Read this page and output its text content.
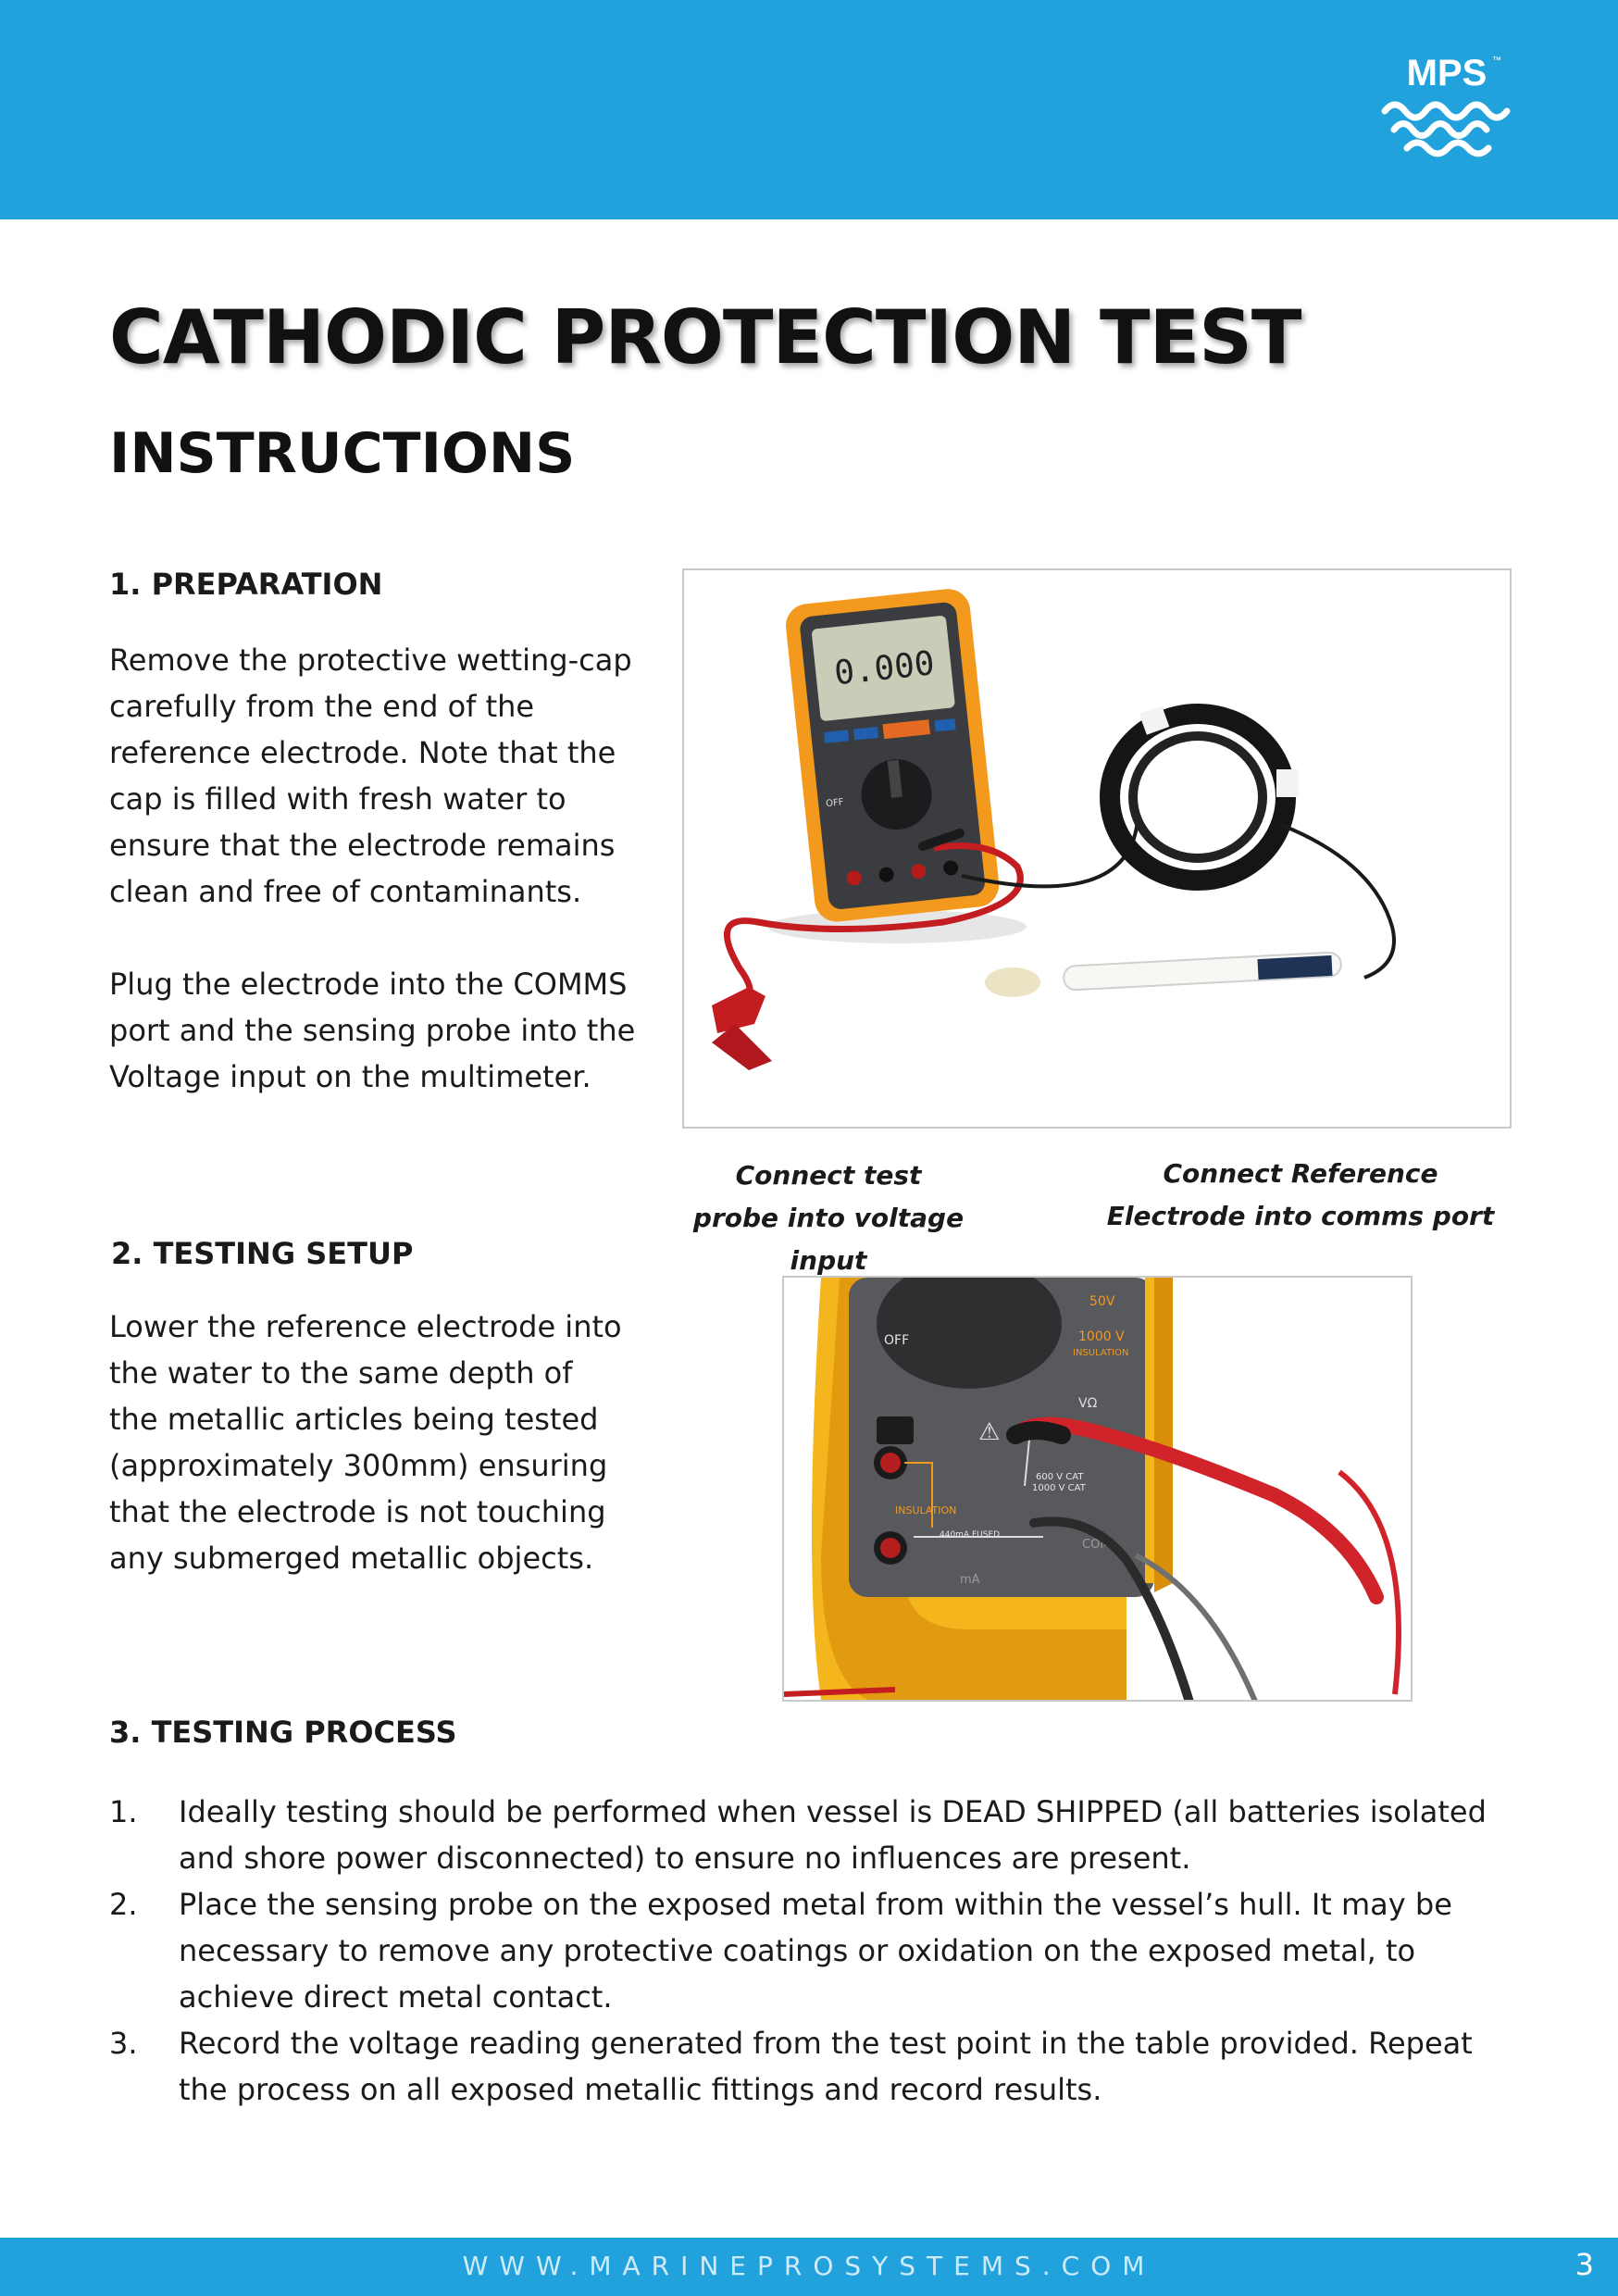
MPS ™
CATHODIC PROTECTION TEST
INSTRUCTIONS
1. PREPARATION

Remove the protective wetting-cap carefully from the end of the reference electrode. Note that the cap is filled with fresh water to ensure that the electrode remains clean and free of contaminants.

Plug the electrode into the COMMS port and the sensing probe into the Voltage input on the multimeter.

0.000
OFF

Connect test probe into voltage input

Connect Reference Electrode into comms port

2. TESTING SETUP

Lower the reference electrode into the water to the same depth of the metallic articles being tested (approximately 300mm) ensuring that the electrode is not touching any submerged metallic objects.

OFF
50V
1000 V
INSULATION
VΩ
INSULATION
600 V CAT
1000 V CAT
440mA FUSED
COM
mA
⚠
3. TESTING PROCESS
1. Ideally testing should be performed when vessel is DEAD SHIPPED (all batteries isolated and shore power disconnected) to ensure no influences are present.
2. Place the sensing probe on the exposed metal from within the vessel’s hull. It may be necessary to remove any protective coatings or oxidation on the exposed metal, to achieve direct metal contact.
3. Record the voltage reading generated from the test point in the table provided. Repeat the process on all exposed metallic fittings and record results.
WWW.MARINEPROSYSTEMS.COM	3
